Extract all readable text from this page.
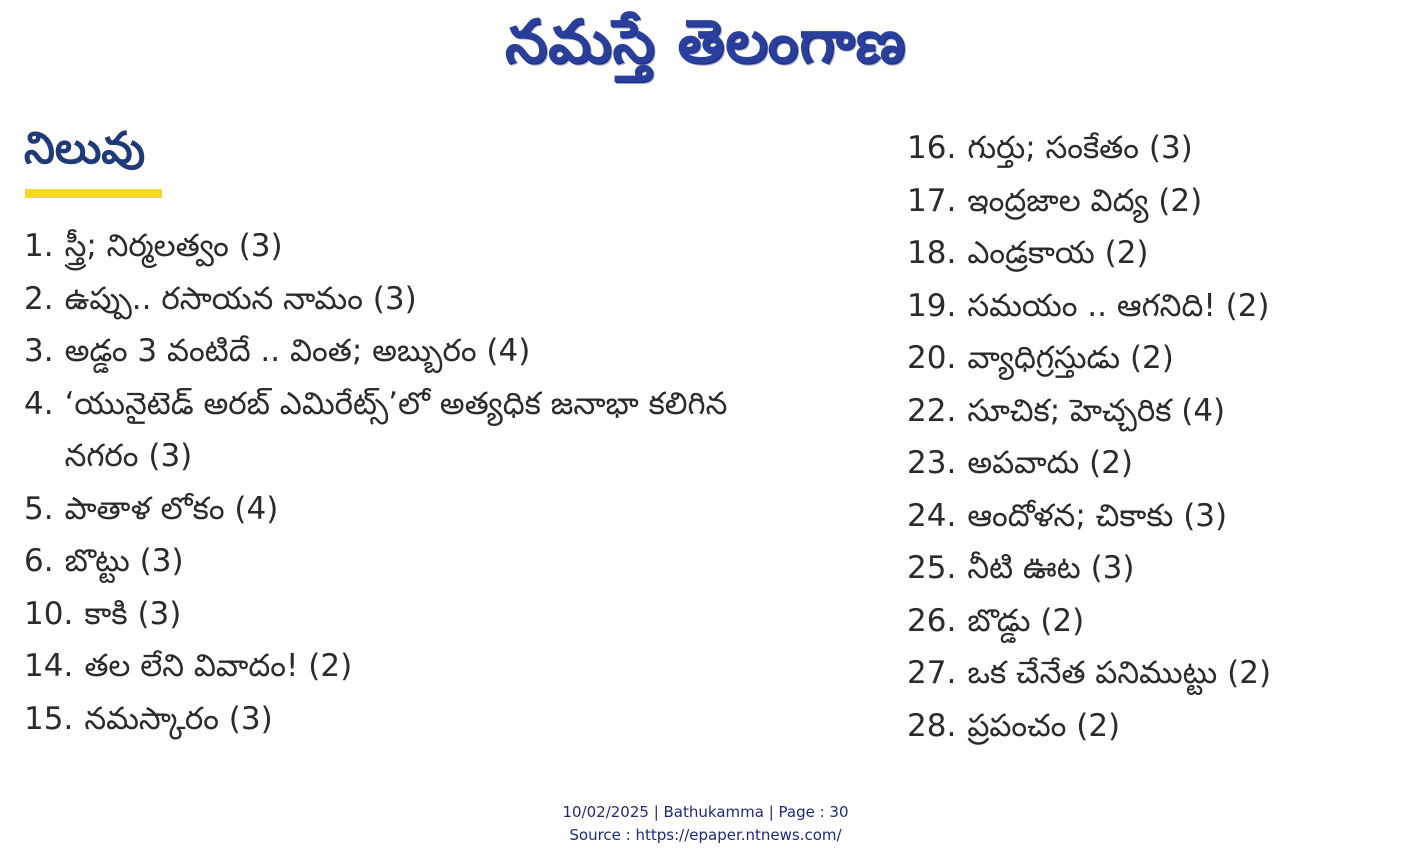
నమస్తే తెలంగాణ
నిలువు
1. స్త్రీ; నిర్మలత్వం (3)
2. ఉప్పు.. రసాయన నామం (3)
3. అడ్డం 3 వంటిదే .. వింత; అబ్బురం (4)
4. ‘యునైటెడ్ అరబ్ ఎమిరేట్స్’లో అత్యధిక జనాభా కలిగిన నగరం (3)
5. పాతాళ లోకం (4)
6. బొట్టు (3)
10. కాకి (3)
14. తల లేని వివాదం! (2)
15. నమస్కారం (3)
16. గుర్తు; సంకేతం (3)
17. ఇంద్రజాల విద్య (2)
18. ఎండ్రకాయ (2)
19. సమయం .. ఆగనిది! (2)
20. వ్యాధిగ్రస్తుడు (2)
22. సూచిక; హెచ్చరిక (4)
23. అపవాదు (2)
24. ఆందోళన; చికాకు (3)
25. నీటి ఊట (3)
26. బొడ్డు (2)
27. ఒక చేనేత పనిముట్టు (2)
28. ప్రపంచం (2)
10/02/2025 | Bathukamma | Page : 30
Source : https://epaper.ntnews.com/
